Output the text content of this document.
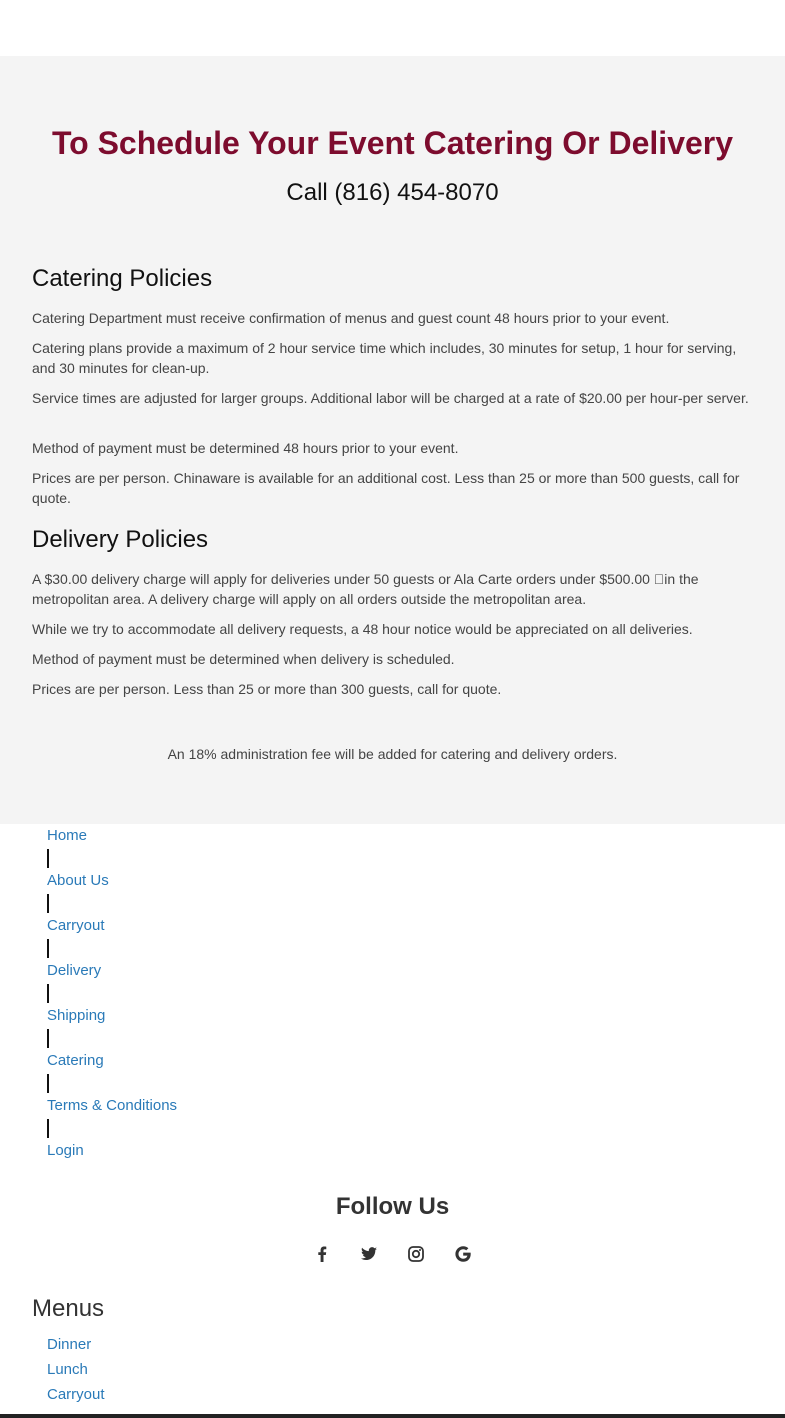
To Schedule Your Event Catering Or Delivery
Call (816) 454-8070
Catering Policies

Catering Department must receive confirmation of menus and guest count 48 hours prior to your event.

Catering plans provide a maximum of 2 hour service time which includes, 30 minutes for setup, 1 hour for serving, and 30 minutes for clean-up.

Service times are adjusted for larger groups. Additional labor will be charged at a rate of $20.00 per hour-per server.

Method of payment must be determined 48 hours prior to your event.

Prices are per person. Chinaware is available for an additional cost. Less than 25 or more than 500 guests, call for quote.

Delivery Policies

A $30.00 delivery charge will apply for deliveries under 50 guests or Ala Carte orders under $500.00  in the metropolitan area. A delivery charge will apply on all orders outside the metropolitan area.

While we try to accommodate all delivery requests, a 48 hour notice would be appreciated on all deliveries.

Method of payment must be determined when delivery is scheduled.

Prices are per person. Less than 25 or more than 300 guests, call for quote.

An 18% administration fee will be added for catering and delivery orders.

Home
About Us
Carryout
Delivery
Shipping
Catering
Terms & Conditions
Login
Follow Us
Menus
Dinner
Lunch
Carryout
